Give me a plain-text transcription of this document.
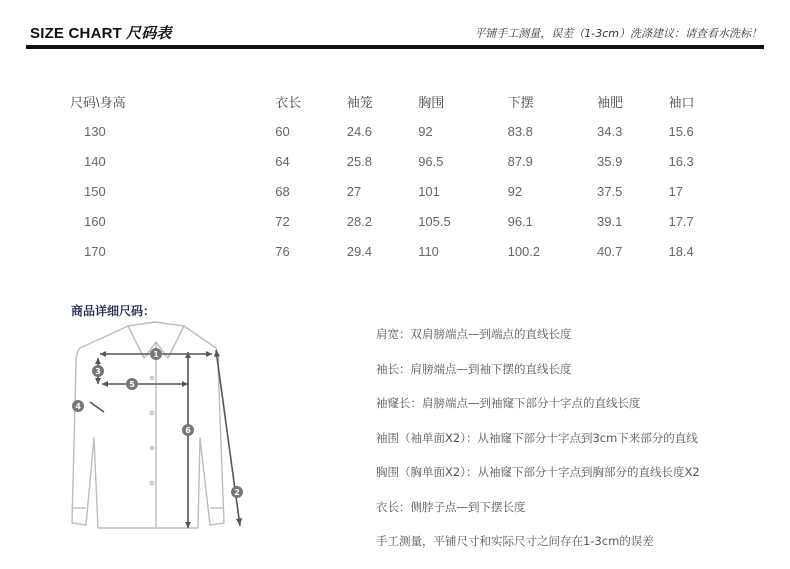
SIZE CHART 尺码表	平铺手工测量，误差（1-3cm）洗涤建议：请查看水洗标！
尺码\身高	衣长	袖笼	胸围	下摆	袖肥	袖口
130	60	24.6	92	83.8	34.3	15.6
140	64	25.8	96.5	87.9	35.9	16.3
150	68	27	101	92	37.5	17
160	72	28.2	105.5	96.1	39.1	17.7
170	76	29.4	110	100.2	40.7	18.4
商品详细尺码：
1
2
3
4
5
6
肩宽：双肩膀端点—到端点的直线长度
袖长：肩膀端点—到袖下摆的直线长度
袖窿长：肩膀端点—到袖窿下部分十字点的直线长度
袖围（袖单面X2）：从袖窿下部分十字点到3cm下来部分的直线
胸围（胸单面X2）：从袖窿下部分十字点到胸部分的直线长度X2
衣长：侧脖子点—到下摆长度
手工测量，平铺尺寸和实际尺寸之间存在1-3cm的误差
